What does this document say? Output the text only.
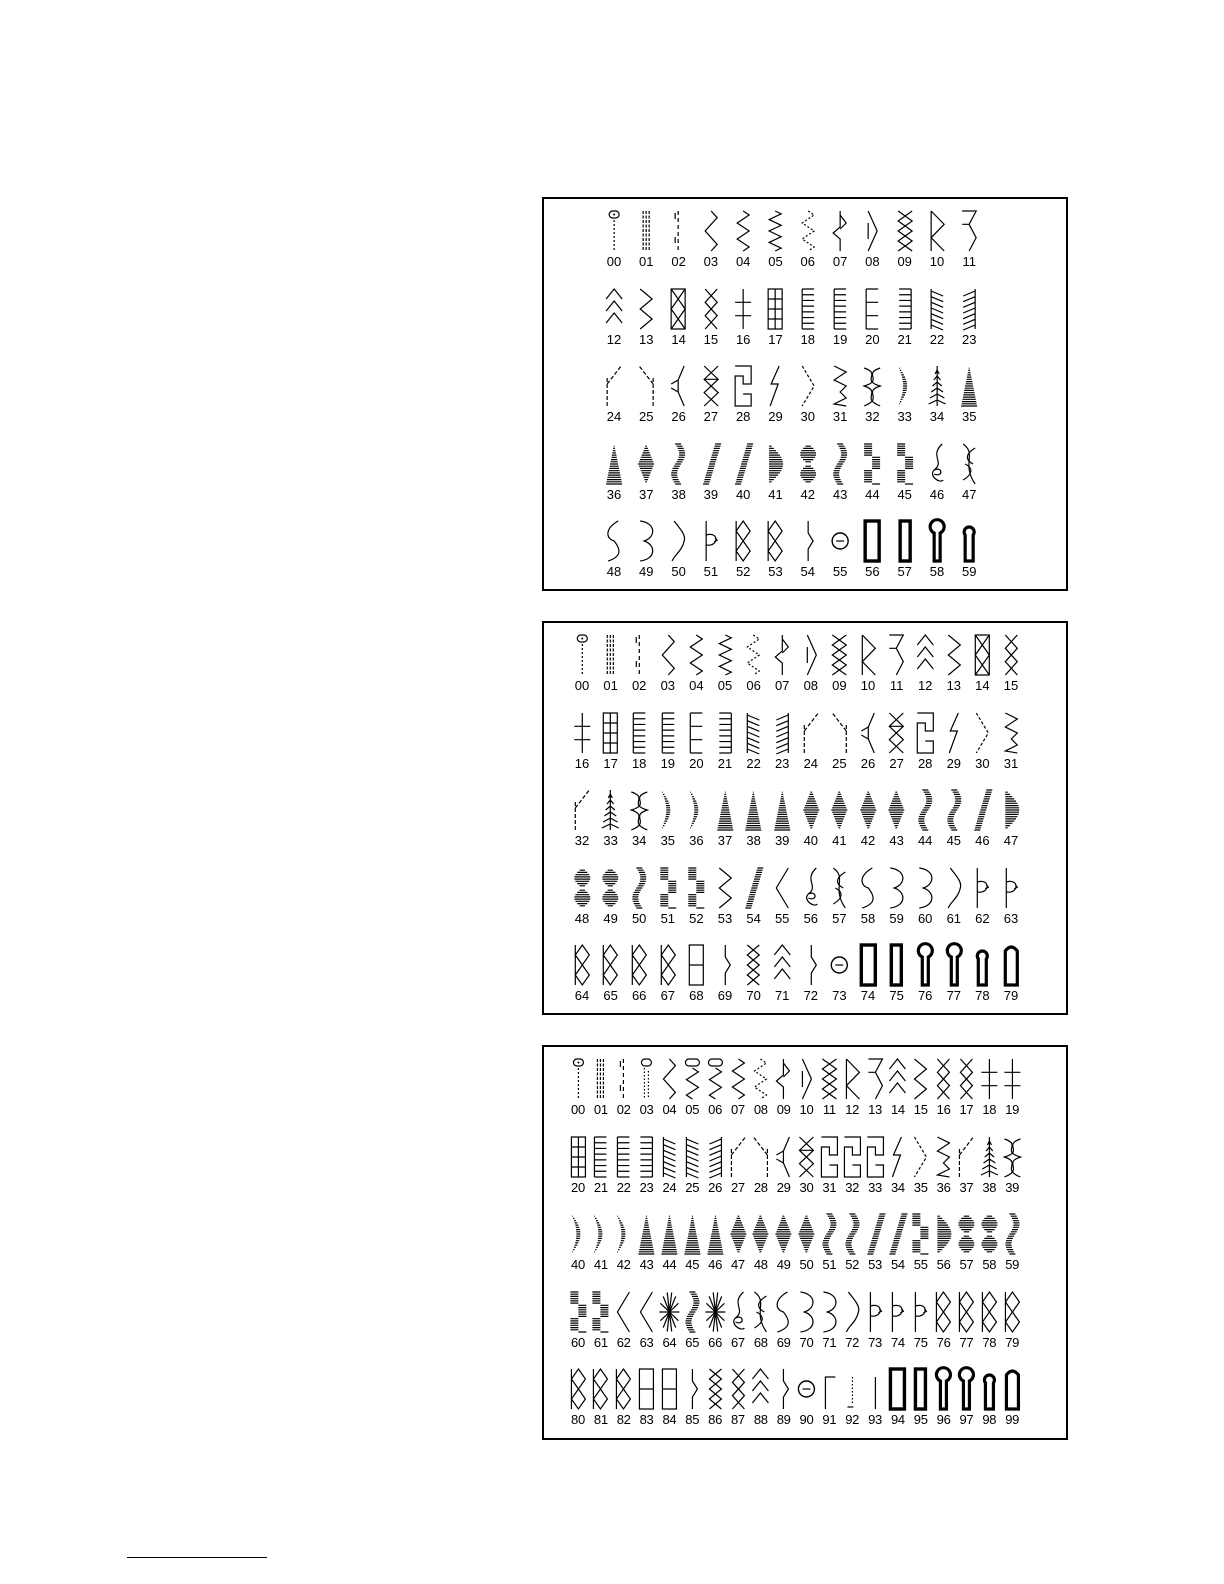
00	01	02	03	04	05	06	07	08	09	10	11
12	13	14	15	16	17	18	19	20	21	22	23
24	25	26	27	28	29	30	31	32	33	34	35
36	37	38	39	40	41	42	43	44	45	46	47
48	49	50	51	52	53	54	55	56	57	58	59
00	01	02	03	04	05	06	07	08	09	10	11	12	13	14	15
16	17	18	19	20	21	22	23	24	25	26	27	28	29	30	31
32	33	34	35	36	37	38	39	40	41	42	43	44	45	46	47
48	49	50	51	52	53	54	55	56	57	58	59	60	61	62	63
64	65	66	67	68	69	70	71	72	73	74	75	76	77	78	79
00 01 02 03 04 05 06 07 08 09 10 11 12 13 14 15 16 17 18 19
20 21 22 23 24 25 26 27 28 29 30 31 32 33 34 35 36 37 38 39
40 41 42 43 44 45 46 47 48 49 50 51 52 53 54 55 56 57 58 59
60 61 62 63 64 65 66 67 68 69 70 71 72 73 74 75 76 77 78 79
80 81 82 83 84 85 86 87 88 89 90 91 92 93 94 95 96 97 98 99
